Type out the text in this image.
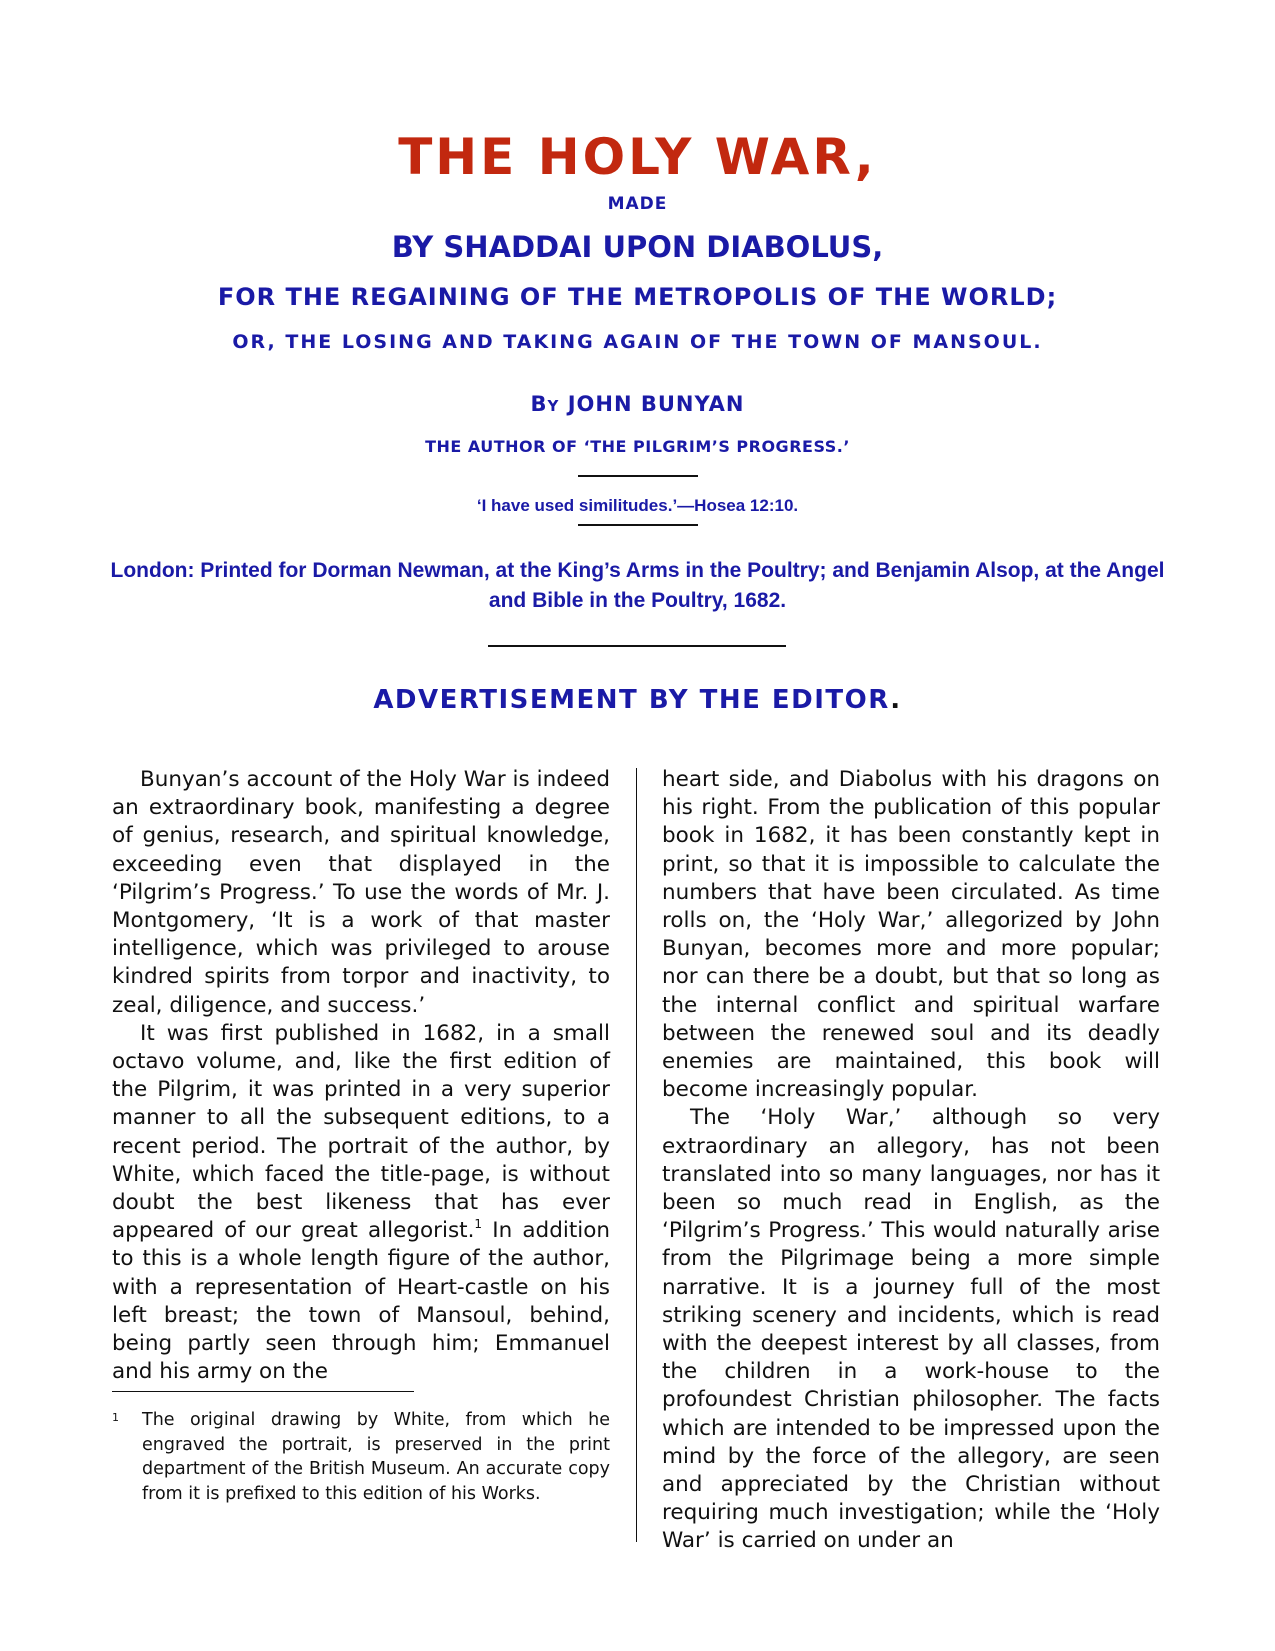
THE HOLY WAR,
MADE
BY SHADDAI UPON DIABOLUS,
FOR THE REGAINING OF THE METROPOLIS OF THE WORLD;
OR, THE LOSING AND TAKING AGAIN OF THE TOWN OF MANSOUL.
BY JOHN BUNYAN
THE AUTHOR OF ‘THE PILGRIM’S PROGRESS.’
‘I have used similitudes.’—Hosea 12:10.
London: Printed for Dorman Newman, at the King’s Arms in the Poultry; and Benjamin Alsop, at the Angel and Bible in the Poultry, 1682.
ADVERTISEMENT BY THE EDITOR.

Bunyan’s account of the Holy War is indeed an extraordinary book, manifesting a degree of genius, research, and spiritual knowledge, exceeding even that displayed in the ‘Pilgrim’s Progress.’ To use the words of Mr. J. Montgomery, ‘It is a work of that master intelligence, which was privileged to arouse kindred spirits from torpor and inactivity, to zeal, diligence, and success.’

It was first published in 1682, in a small octavo volume, and, like the first edition of the Pilgrim, it was printed in a very superior manner to all the subsequent editions, to a recent period. The portrait of the author, by White, which faced the title-page, is without doubt the best likeness that has ever appeared of our great allegorist.$^1$ In addition to this is a whole length figure of the author, with a representation of Heart-castle on his left breast; the town of Mansoul, behind, being partly seen through him; Emmanuel and his army on the

heart side, and Diabolus with his dragons on his right. From the publication of this popular book in 1682, it has been constantly kept in print, so that it is impossible to calculate the numbers that have been circulated. As time rolls on, the ‘Holy War,’ allegorized by John Bunyan, becomes more and more popular; nor can there be a doubt, but that so long as the internal conflict and spiritual warfare between the renewed soul and its deadly enemies are maintained, this book will become increasingly popular.

The ‘Holy War,’ although so very extraordinary an allegory, has not been translated into so many languages, nor has it been so much read in English, as the ‘Pilgrim’s Progress.’ This would naturally arise from the Pilgrimage being a more simple narrative. It is a journey full of the most striking scenery and incidents, which is read with the deepest interest by all classes, from the children in a work-house to the profoundest Christian philosopher. The facts which are intended to be impressed upon the mind by the force of the allegory, are seen and appreciated by the Christian without requiring much investigation; while the ‘Holy War’ is carried on under an

1 The original drawing by White, from which he engraved the portrait, is preserved in the print department of the British Museum. An accurate copy from it is prefixed to this edition of his Works.
